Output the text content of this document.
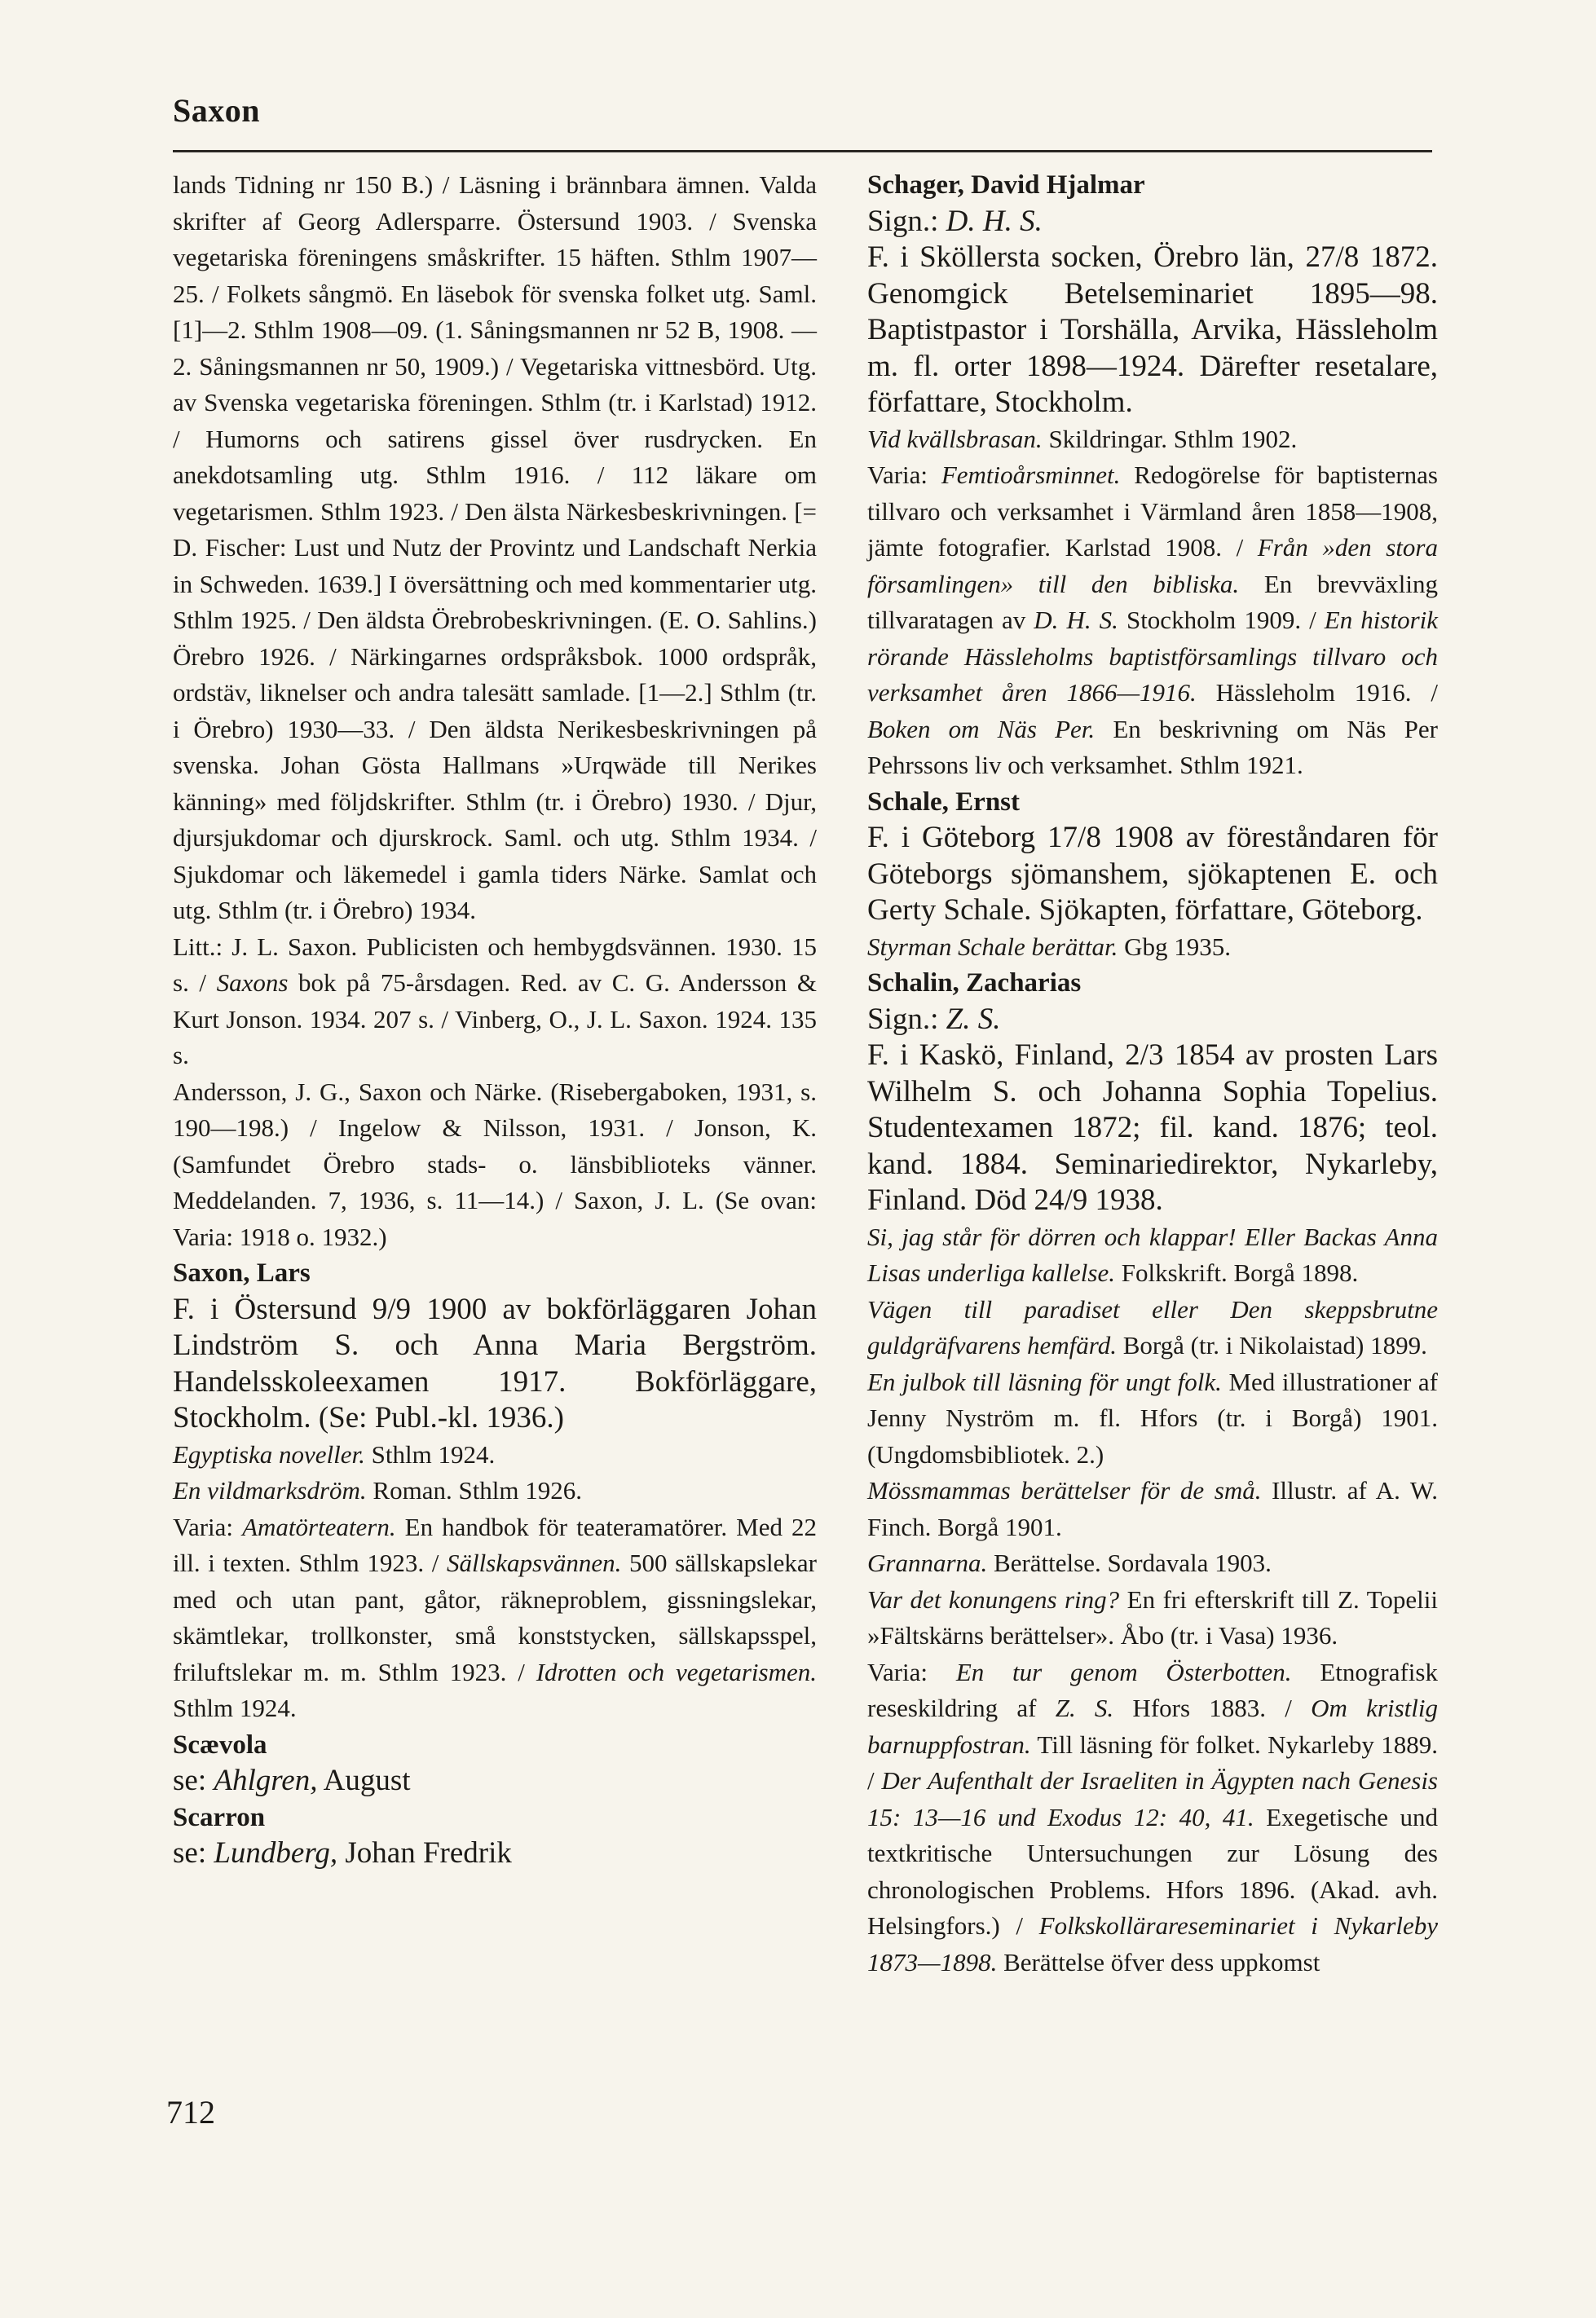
Saxon

lands Tidning nr 150 B.) / Läsning i brännbara ämnen. Valda skrifter af Georg Adlersparre. Östersund 1903. / Svenska vegetariska föreningens småskrifter. 15 häften. Sthlm 1907—25. / Folkets sångmö. En läsebok för svenska folket utg. Saml. [1]—2. Sthlm 1908—09. (1. Såningsmannen nr 52 B, 1908. — 2. Såningsmannen nr 50, 1909.) / Vegetariska vittnesbörd. Utg. av Svenska vegetariska föreningen. Sthlm (tr. i Karlstad) 1912. / Humorns och satirens gissel över rusdrycken. En anekdotsamling utg. Sthlm 1916. / 112 läkare om vegetarismen. Sthlm 1923. / Den älsta Närkesbeskrivningen. [= D. Fischer: Lust und Nutz der Provintz und Landschaft Nerkia in Schweden. 1639.] I översättning och med kommentarier utg. Sthlm 1925. / Den äldsta Örebrobeskrivningen. (E. O. Sahlins.) Örebro 1926. / Närkingarnes ordspråksbok. 1000 ordspråk, ordstäv, liknelser och andra talesätt samlade. [1—2.] Sthlm (tr. i Örebro) 1930—33. / Den äldsta Nerikesbeskrivningen på svenska. Johan Gösta Hallmans »Urqwäde till Nerikes känning» med följdskrifter. Sthlm (tr. i Örebro) 1930. / Djur, djursjukdomar och djurskrock. Saml. och utg. Sthlm 1934. / Sjukdomar och läkemedel i gamla tiders Närke. Samlat och utg. Sthlm (tr. i Örebro) 1934.

Litt.: J. L. Saxon. Publicisten och hembygdsvännen. 1930. 15 s. / Saxons bok på 75-årsdagen. Red. av C. G. Andersson & Kurt Jonson. 1934. 207 s. / Vinberg, O., J. L. Saxon. 1924. 135 s.

Andersson, J. G., Saxon och Närke. (Risebergaboken, 1931, s. 190—198.) / Ingelow & Nilsson, 1931. / Jonson, K. (Samfundet Örebro stads- o. länsbiblioteks vänner. Meddelanden. 7, 1936, s. 11—14.) / Saxon, J. L. (Se ovan: Varia: 1918 o. 1932.)

Saxon, Lars

F. i Östersund 9/9 1900 av bokförläggaren Johan Lindström S. och Anna Maria Bergström. Handelsskoleexamen 1917. Bokförläggare, Stockholm. (Se: Publ.-kl. 1936.)

Egyptiska noveller. Sthlm 1924.

En vildmarksdröm. Roman. Sthlm 1926.

Varia: Amatörteatern. En handbok för teateramatörer. Med 22 ill. i texten. Sthlm 1923. / Sällskapsvännen. 500 sällskapslekar med och utan pant, gåtor, räkneproblem, gissningslekar, skämtlekar, trollkonster, små konststycken, sällskapsspel, friluftslekar m. m. Sthlm 1923. / Idrotten och vegetarismen. Sthlm 1924.

Scævola

se: Ahlgren, August

Scarron

se: Lundberg, Johan Fredrik

Schager, David Hjalmar

Sign.: D. H. S.

F. i Sköllersta socken, Örebro län, 27/8 1872. Genomgick Betelseminariet 1895—98. Baptistpastor i Torshälla, Arvika, Hässleholm m. fl. orter 1898—1924. Därefter resetalare, författare, Stockholm.

Vid kvällsbrasan. Skildringar. Sthlm 1902.

Varia: Femtioårsminnet. Redogörelse för baptisternas tillvaro och verksamhet i Värmland åren 1858—1908, jämte fotografier. Karlstad 1908. / Från »den stora församlingen» till den bibliska. En brevväxling tillvaratagen av D. H. S. Stockholm 1909. / En historik rörande Hässleholms baptistförsamlings tillvaro och verksamhet åren 1866—1916. Hässleholm 1916. / Boken om Näs Per. En beskrivning om Näs Per Pehrssons liv och verksamhet. Sthlm 1921.

Schale, Ernst

F. i Göteborg 17/8 1908 av föreståndaren för Göteborgs sjömanshem, sjökaptenen E. och Gerty Schale. Sjökapten, författare, Göteborg.

Styrman Schale berättar. Gbg 1935.

Schalin, Zacharias

Sign.: Z. S.

F. i Kaskö, Finland, 2/3 1854 av prosten Lars Wilhelm S. och Johanna Sophia Topelius. Studentexamen 1872; fil. kand. 1876; teol. kand. 1884. Seminariedirektor, Nykarleby, Finland. Död 24/9 1938.

Si, jag står för dörren och klappar! Eller Backas Anna Lisas underliga kallelse. Folkskrift. Borgå 1898.

Vägen till paradiset eller Den skeppsbrutne guldgräfvarens hemfärd. Borgå (tr. i Nikolaistad) 1899.

En julbok till läsning för ungt folk. Med illustrationer af Jenny Nyström m. fl. Hfors (tr. i Borgå) 1901. (Ungdomsbibliotek. 2.)

Mössmammas berättelser för de små. Illustr. af A. W. Finch. Borgå 1901.

Grannarna. Berättelse. Sordavala 1903.

Var det konungens ring? En fri efterskrift till Z. Topelii »Fältskärns berättelser». Åbo (tr. i Vasa) 1936.

Varia: En tur genom Österbotten. Etnografisk reseskildring af Z. S. Hfors 1883. / Om kristlig barnuppfostran. Till läsning för folket. Nykarleby 1889. / Der Aufenthalt der Israeliten in Ägypten nach Genesis 15: 13—16 und Exodus 12: 40, 41. Exegetische und textkritische Untersuchungen zur Lösung des chronologischen Problems. Hfors 1896. (Akad. avh. Helsingfors.) / Folkskollärareseminariet i Nykarleby 1873—1898. Berättelse öfver dess uppkomst

712
